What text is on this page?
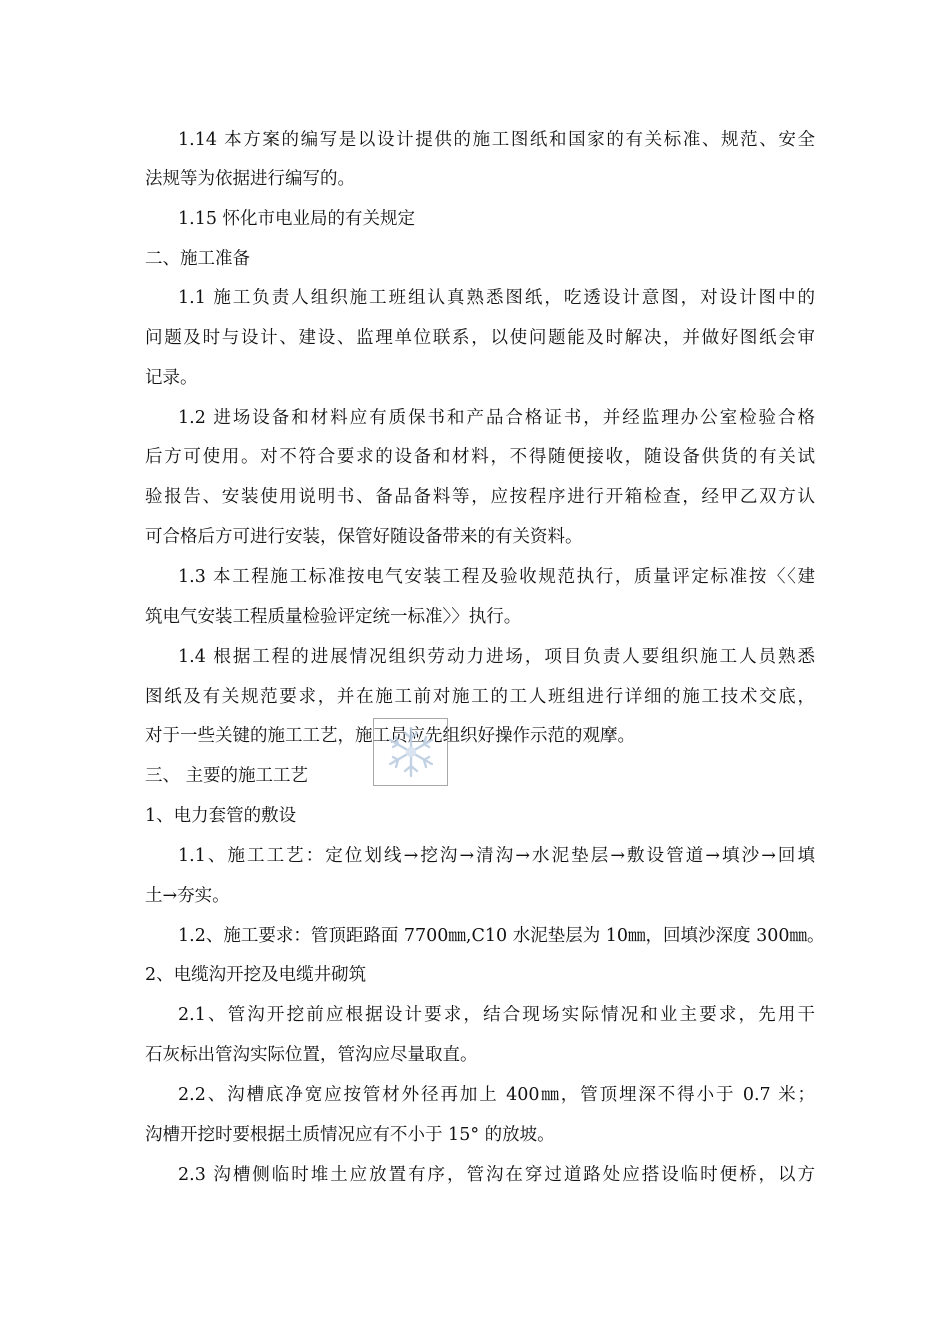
1.14 本方案的编写是以设计提供的施工图纸和国家的有关标准、规范、安全
法规等为依据进行编写的。
1.15 怀化市电业局的有关规定
二、施工准备
1.1 施工负责人组织施工班组认真熟悉图纸，吃透设计意图，对设计图中的
问题及时与设计、建设、监理单位联系，以使问题能及时解决，并做好图纸会审
记录。
1.2 进场设备和材料应有质保书和产品合格证书，并经监理办公室检验合格
后方可使用。对不符合要求的设备和材料，不得随便接收，随设备供货的有关试
验报告、安装使用说明书、备品备料等，应按程序进行开箱检查，经甲乙双方认
可合格后方可进行安装，保管好随设备带来的有关资料。
1.3 本工程施工标准按电气安装工程及验收规范执行，质量评定标准按〈〈建
筑电气安装工程质量检验评定统一标准〉〉执行。
1.4 根据工程的进展情况组织劳动力进场，项目负责人要组织施工人员熟悉
图纸及有关规范要求，并在施工前对施工的工人班组进行详细的施工技术交底，
对于一些关键的施工工艺，施工员应先组织好操作示范的观摩。
三、 主要的施工工艺
1、电力套管的敷设
1.1、施工工艺：定位划线→挖沟→清沟→水泥垫层→敷设管道→填沙→回填
土→夯实。
1.2、施工要求：管顶距路面 7700㎜,C10 水泥垫层为 10㎜，回填沙深度 300㎜。
2、电缆沟开挖及电缆井砌筑
2.1、管沟开挖前应根据设计要求，结合现场实际情况和业主要求，先用干
石灰标出管沟实际位置，管沟应尽量取直。
2.2、沟槽底净宽应按管材外径再加上 400㎜，管顶埋深不得小于 0.7 米；
沟槽开挖时要根据土质情况应有不小于 15° 的放坡。
2.3 沟槽侧临时堆土应放置有序，管沟在穿过道路处应搭设临时便桥，以方
